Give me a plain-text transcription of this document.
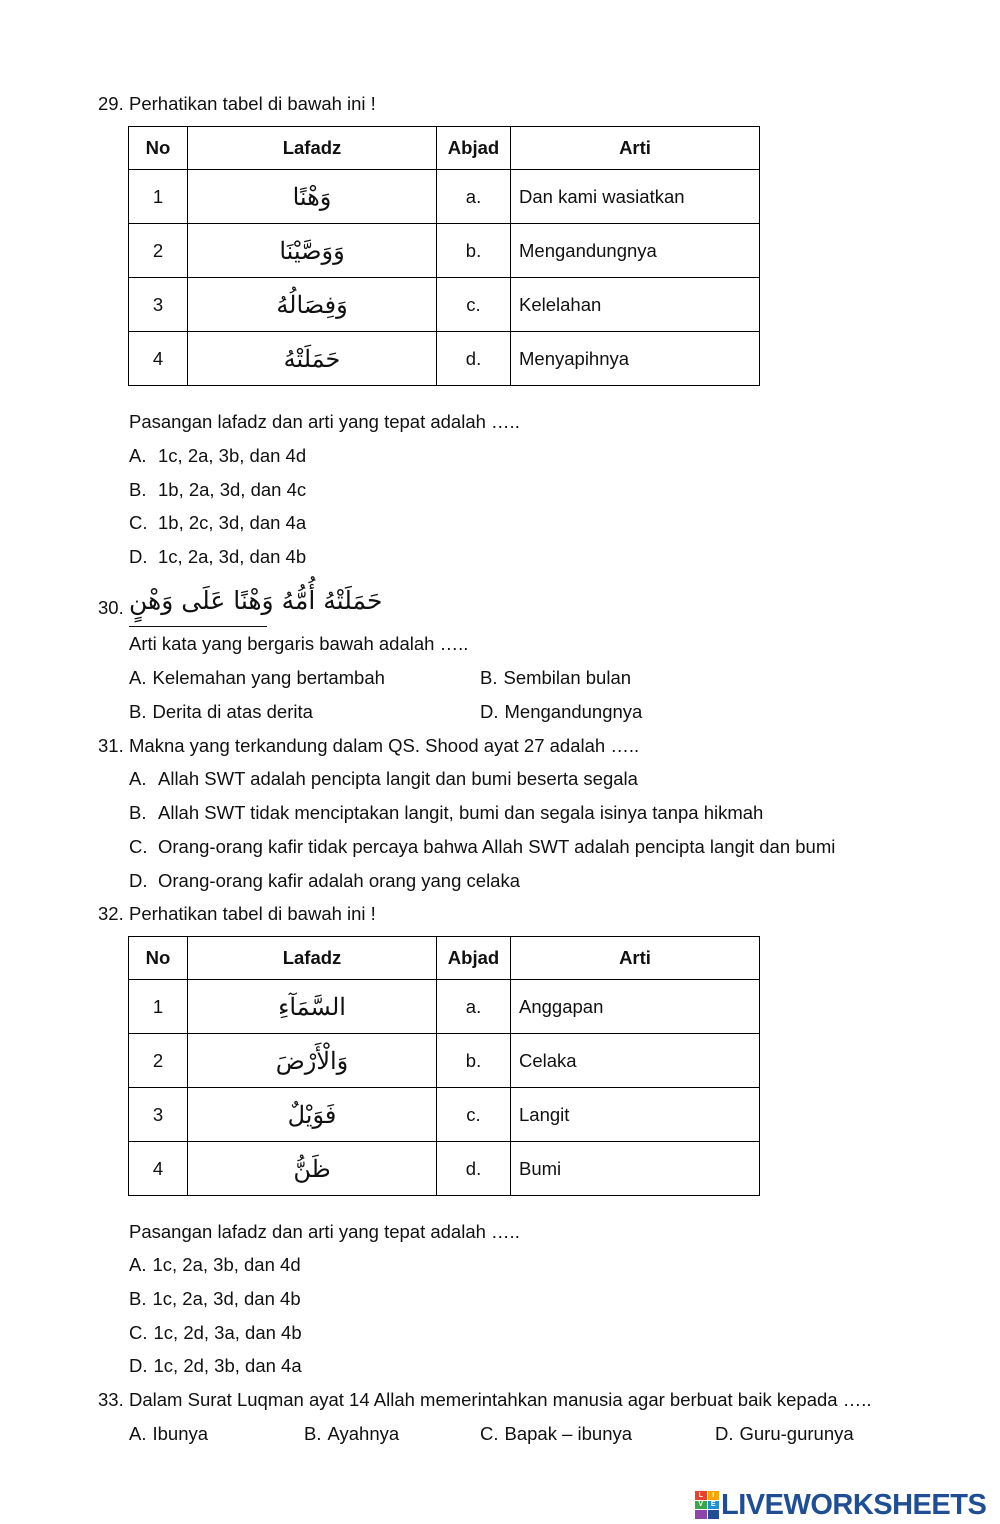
29. Perhatikan tabel di bawah ini !
No	Lafadz	Abjad	Arti
1	وَهْنًا	a.	Dan kami wasiatkan
2	وَوَصَّيْنَا	b.	Mengandungnya
3	وَفِصَالُهُ	c.	Kelelahan
4	حَمَلَتْهُ	d.	Menyapihnya
Pasangan lafadz dan arti yang tepat adalah …..
A. 1c, 2a, 3b, dan 4d
B. 1b, 2a, 3d, dan 4c
C. 1b, 2c, 3d, dan 4a
D. 1c, 2a, 3d, dan 4b
30. حَمَلَتْهُ أُمُّهُ وَهْنًا عَلَى وَهْنٍ
Arti kata yang bergaris bawah adalah …..
A. Kelemahan yang bertambah	B. Sembilan bulan
B. Derita di atas derita	D. Mengandungnya
31. Makna yang terkandung dalam QS. Shood ayat 27 adalah …..
A. Allah SWT adalah pencipta langit dan bumi beserta segala
B. Allah SWT tidak menciptakan langit, bumi dan segala isinya tanpa hikmah
C. Orang-orang kafir tidak percaya bahwa Allah SWT adalah pencipta langit dan bumi
D. Orang-orang kafir adalah orang yang celaka
32. Perhatikan tabel di bawah ini !
No	Lafadz	Abjad	Arti
1	السَّمَآءِ	a.	Anggapan
2	وَالْأَرْضَ	b.	Celaka
3	فَوَيْلٌ	c.	Langit
4	ظَنُّ	d.	Bumi
Pasangan lafadz dan arti yang tepat adalah …..
A. 1c, 2a, 3b, dan 4d
B. 1c, 2a, 3d, dan 4b
C. 1c, 2d, 3a, dan 4b
D. 1c, 2d, 3b, dan 4a
33. Dalam Surat Luqman ayat 14 Allah memerintahkan manusia agar berbuat baik kepada …..
A. Ibunya	B. Ayahnya	C. Bapak – ibunya	D. Guru-gurunya
L	I
V	E LIVEWORKSHEETS
